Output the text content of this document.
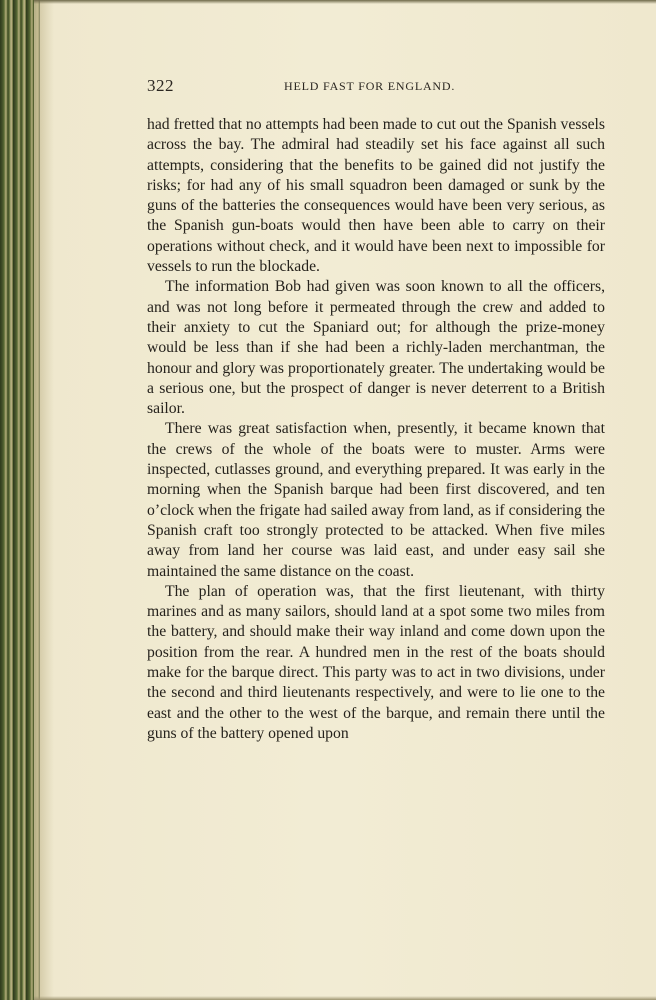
322	HELD FAST FOR ENGLAND.

had fretted that no attempts had been made to cut out the Spanish vessels across the bay. The admiral had steadily set his face against all such attempts, considering that the benefits to be gained did not justify the risks; for had any of his small squadron been damaged or sunk by the guns of the batteries the consequences would have been very serious, as the Spanish gun-boats would then have been able to carry on their operations without check, and it would have been next to impossible for vessels to run the blockade.

The information Bob had given was soon known to all the officers, and was not long before it permeated through the crew and added to their anxiety to cut the Spaniard out; for although the prize-money would be less than if she had been a richly-laden merchantman, the honour and glory was proportionately greater. The undertaking would be a serious one, but the prospect of danger is never deterrent to a British sailor.

There was great satisfaction when, presently, it became known that the crews of the whole of the boats were to muster. Arms were inspected, cutlasses ground, and everything prepared. It was early in the morning when the Spanish barque had been first discovered, and ten o’clock when the frigate had sailed away from land, as if considering the Spanish craft too strongly protected to be attacked. When five miles away from land her course was laid east, and under easy sail she maintained the same distance on the coast.

The plan of operation was, that the first lieutenant, with thirty marines and as many sailors, should land at a spot some two miles from the battery, and should make their way inland and come down upon the position from the rear. A hundred men in the rest of the boats should make for the barque direct. This party was to act in two divisions, under the second and third lieutenants respectively, and were to lie one to the east and the other to the west of the barque, and remain there until the guns of the battery opened upon
